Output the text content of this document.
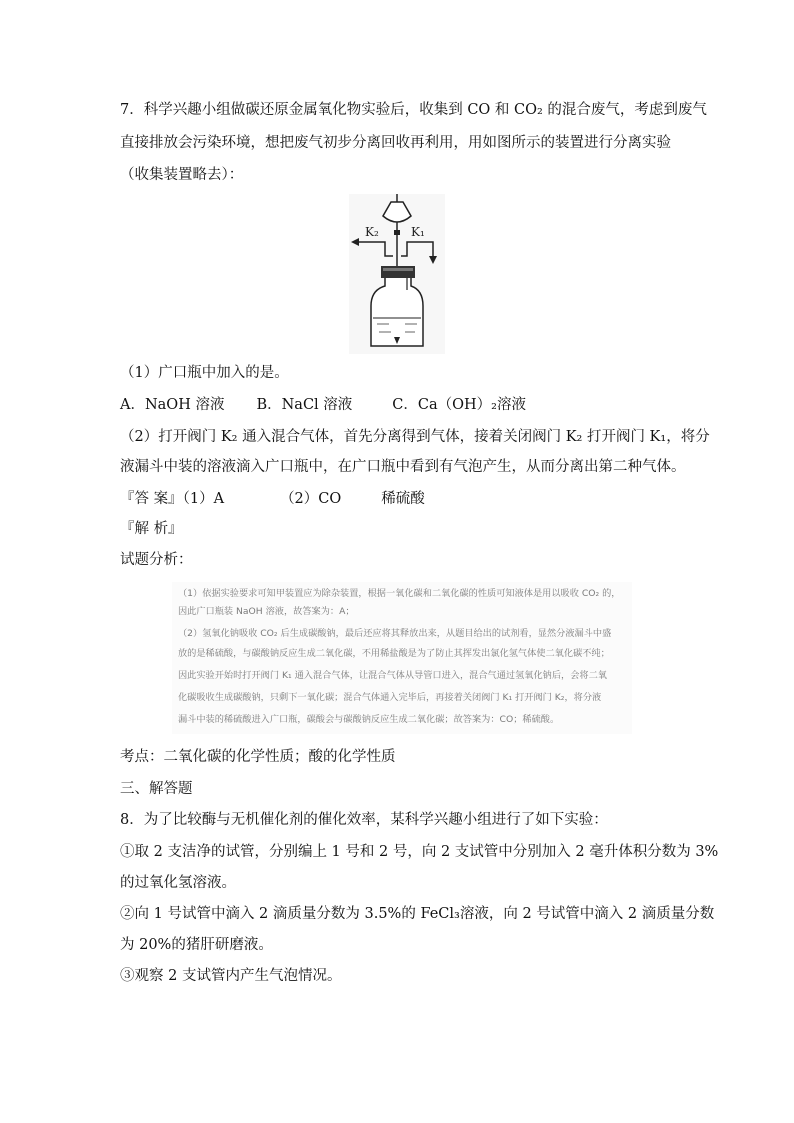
7．科学兴趣小组做碳还原金属氧化物实验后，收集到 CO 和 CO₂ 的混合废气，考虑到废气
直接排放会污染环境，想把废气初步分离回收再利用，用如图所示的装置进行分离实验
（收集装置略去）：
K₂	K₁
（1）广口瓶中加入的是。
A．NaOH 溶液 B．NaCl 溶液	C．Ca（OH）₂溶液
（2）打开阀门 K₂ 通入混合气体，首先分离得到气体，接着关闭阀门 K₂ 打开阀门 K₁，将分
液漏斗中装的溶液滴入广口瓶中，在广口瓶中看到有气泡产生，从而分离出第二种气体。
『答 案』（1）A	（2）CO	稀硫酸
『解 析』
试题分析：
（1）依据实验要求可知甲装置应为除杂装置，根据一氧化碳和二氧化碳的性质可知液体是用以吸收 CO₂ 的，
因此广口瓶装 NaOH 溶液，故答案为：A；
（2）氢氧化钠吸收 CO₂ 后生成碳酸钠，最后还应将其释放出来，从题目给出的试剂看，显然分液漏斗中盛
放的是稀硫酸，与碳酸钠反应生成二氧化碳，不用稀盐酸是为了防止其挥发出氯化氢气体使二氧化碳不纯；
因此实验开始时打开阀门 K₁ 通入混合气体，让混合气体从导管口进入，混合气通过氢氧化钠后，会将二氧
化碳吸收生成碳酸钠，只剩下一氧化碳；混合气体通入完毕后，再接着关闭阀门 K₁ 打开阀门 K₂，将分液
漏斗中装的稀硫酸进入广口瓶，碳酸会与碳酸钠反应生成二氧化碳；故答案为：CO；稀硫酸。
考点：二氧化碳的化学性质；酸的化学性质
三、解答题
8．为了比较酶与无机催化剂的催化效率，某科学兴趣小组进行了如下实验：
①取 2 支洁净的试管，分别编上 1 号和 2 号，向 2 支试管中分别加入 2 毫升体积分数为 3%
的过氧化氢溶液。
②向 1 号试管中滴入 2 滴质量分数为 3.5%的 FeCl₃溶液，向 2 号试管中滴入 2 滴质量分数
为 20%的猪肝研磨液。
③观察 2 支试管内产生气泡情况。
